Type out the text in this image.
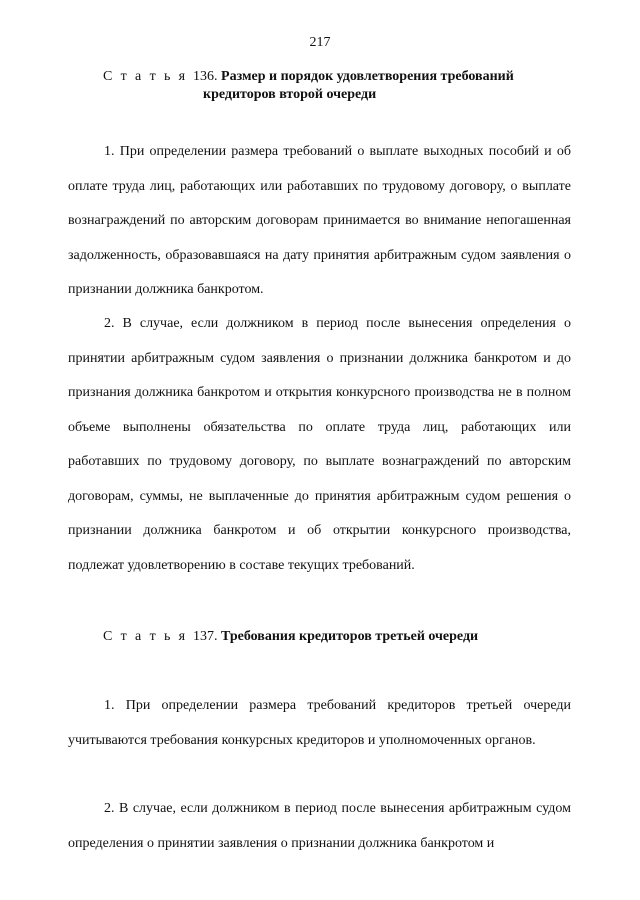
217
С т а т ь я 136. Размер и порядок удовлетворения требований
кредиторов второй очереди
1. При определении размера требований о выплате выходных пособий и об оплате труда лиц, работающих или работавших по трудовому договору, о выплате вознаграждений по авторским договорам принимается во внимание непогашенная задолженность, образовавшаяся на дату принятия арбитражным судом заявления о признании должника банкротом.
2. В случае, если должником в период после вынесения определения о принятии арбитражным судом заявления о признании должника банкротом и до признания должника банкротом и открытия конкурсного производства не в полном объеме выполнены обязательства по оплате труда лиц, работающих или работавших по трудовому договору, по выплате вознаграждений по авторским договорам, суммы, не выплаченные до принятия арбитражным судом решения о признании должника банкротом и об открытии конкурсного производства, подлежат удовлетворению в составе текущих требований.
С т а т ь я 137. Требования кредиторов третьей очереди
1. При определении размера требований кредиторов третьей очереди учитываются требования конкурсных кредиторов и уполномоченных органов.
2. В случае, если должником в период после вынесения арбитражным судом определения о принятии заявления о признании должника банкротом и
